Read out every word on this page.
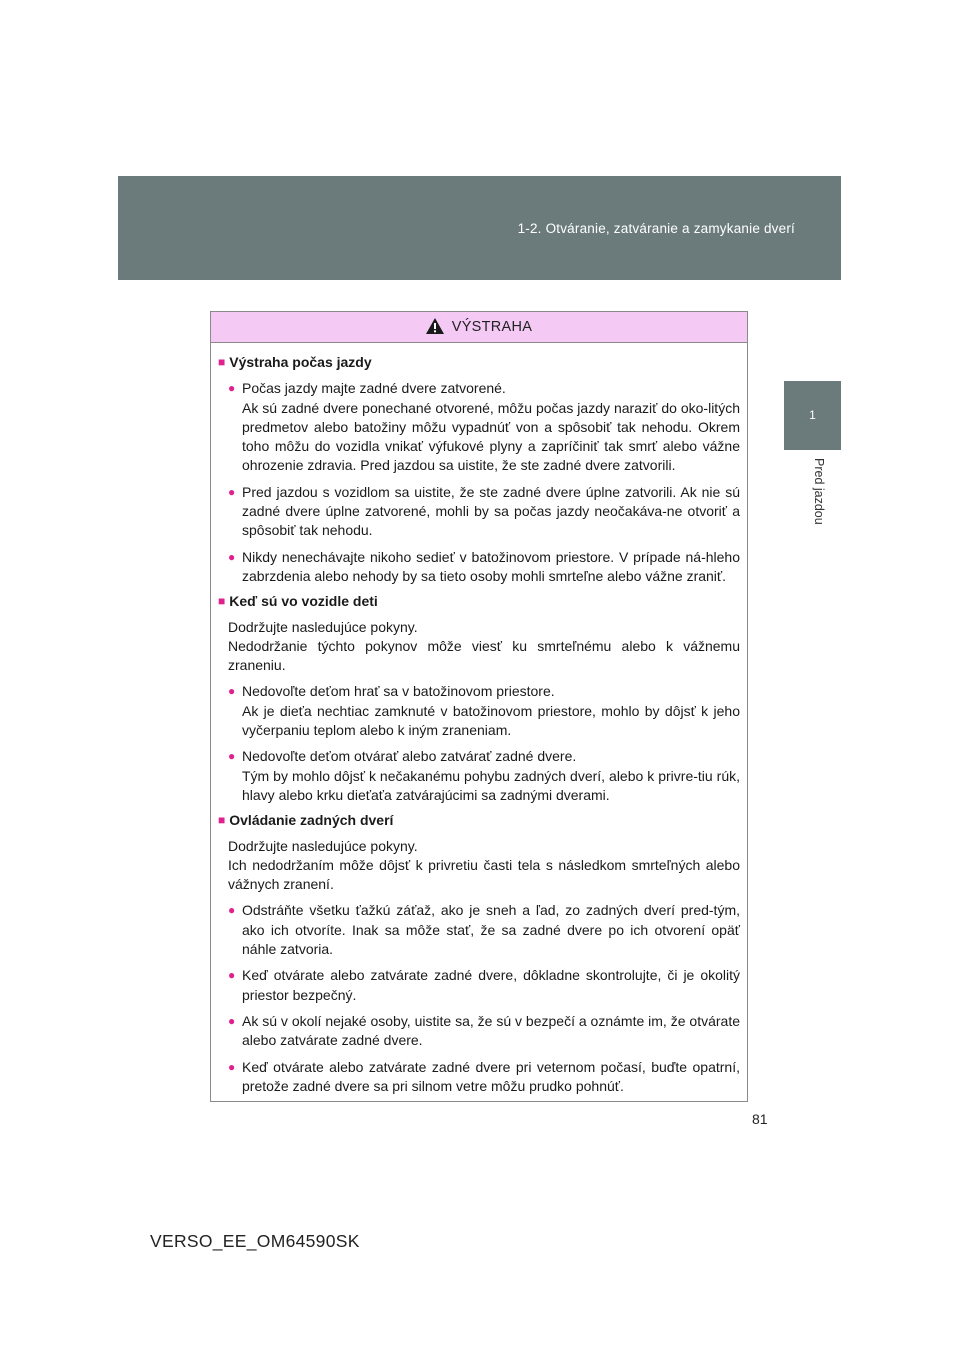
1-2. Otváranie, zatváranie a zamykanie dverí
1
Pred jazdou
VÝSTRAHA
■ Výstraha počas jazdy
● Počas jazdy majte zadné dvere zatvorené.
Ak sú zadné dvere ponechané otvorené, môžu počas jazdy naraziť do oko-litých predmetov alebo batožiny môžu vypadnúť von a spôsobiť tak nehodu. Okrem toho môžu do vozidla vnikať výfukové plyny a zapríčiniť tak smrť alebo vážne ohrozenie zdravia. Pred jazdou sa uistite, že ste zadné dvere zatvorili.
● Pred jazdou s vozidlom sa uistite, že ste zadné dvere úplne zatvorili. Ak nie sú zadné dvere úplne zatvorené, mohli by sa počas jazdy neočakáva-ne otvoriť a spôsobiť tak nehodu.
● Nikdy nenechávajte nikoho sedieť v batožinovom priestore. V prípade ná-hleho zabrzdenia alebo nehody by sa tieto osoby mohli smrteľne alebo vážne zraniť.
■ Keď sú vo vozidle deti
Dodržujte nasledujúce pokyny.
Nedodržanie týchto pokynov môže viesť ku smrteľnému alebo k vážnemu zraneniu.
● Nedovoľte deťom hrať sa v batožinovom priestore.
Ak je dieťa nechtiac zamknuté v batožinovom priestore, mohlo by dôjsť k jeho vyčerpaniu teplom alebo k iným zraneniam.
● Nedovoľte deťom otvárať alebo zatvárať zadné dvere.
Tým by mohlo dôjsť k nečakanému pohybu zadných dverí, alebo k privre-tiu rúk, hlavy alebo krku dieťaťa zatvárajúcimi sa zadnými dverami.
■ Ovládanie zadných dverí
Dodržujte nasledujúce pokyny.
Ich nedodržaním môže dôjsť k privretiu časti tela s následkom smrteľných alebo vážnych zranení.
● Odstráňte všetku ťažkú záťaž, ako je sneh a ľad, zo zadných dverí pred-tým, ako ich otvoríte. Inak sa môže stať, že sa zadné dvere po ich otvorení opäť náhle zatvoria.
● Keď otvárate alebo zatvárate zadné dvere, dôkladne skontrolujte, či je okolitý priestor bezpečný.
● Ak sú v okolí nejaké osoby, uistite sa, že sú v bezpečí a oznámte im, že otvárate alebo zatvárate zadné dvere.
● Keď otvárate alebo zatvárate zadné dvere pri veternom počasí, buďte opatrní, pretože zadné dvere sa pri silnom vetre môžu prudko pohnúť.
81
VERSO_EE_OM64590SK
